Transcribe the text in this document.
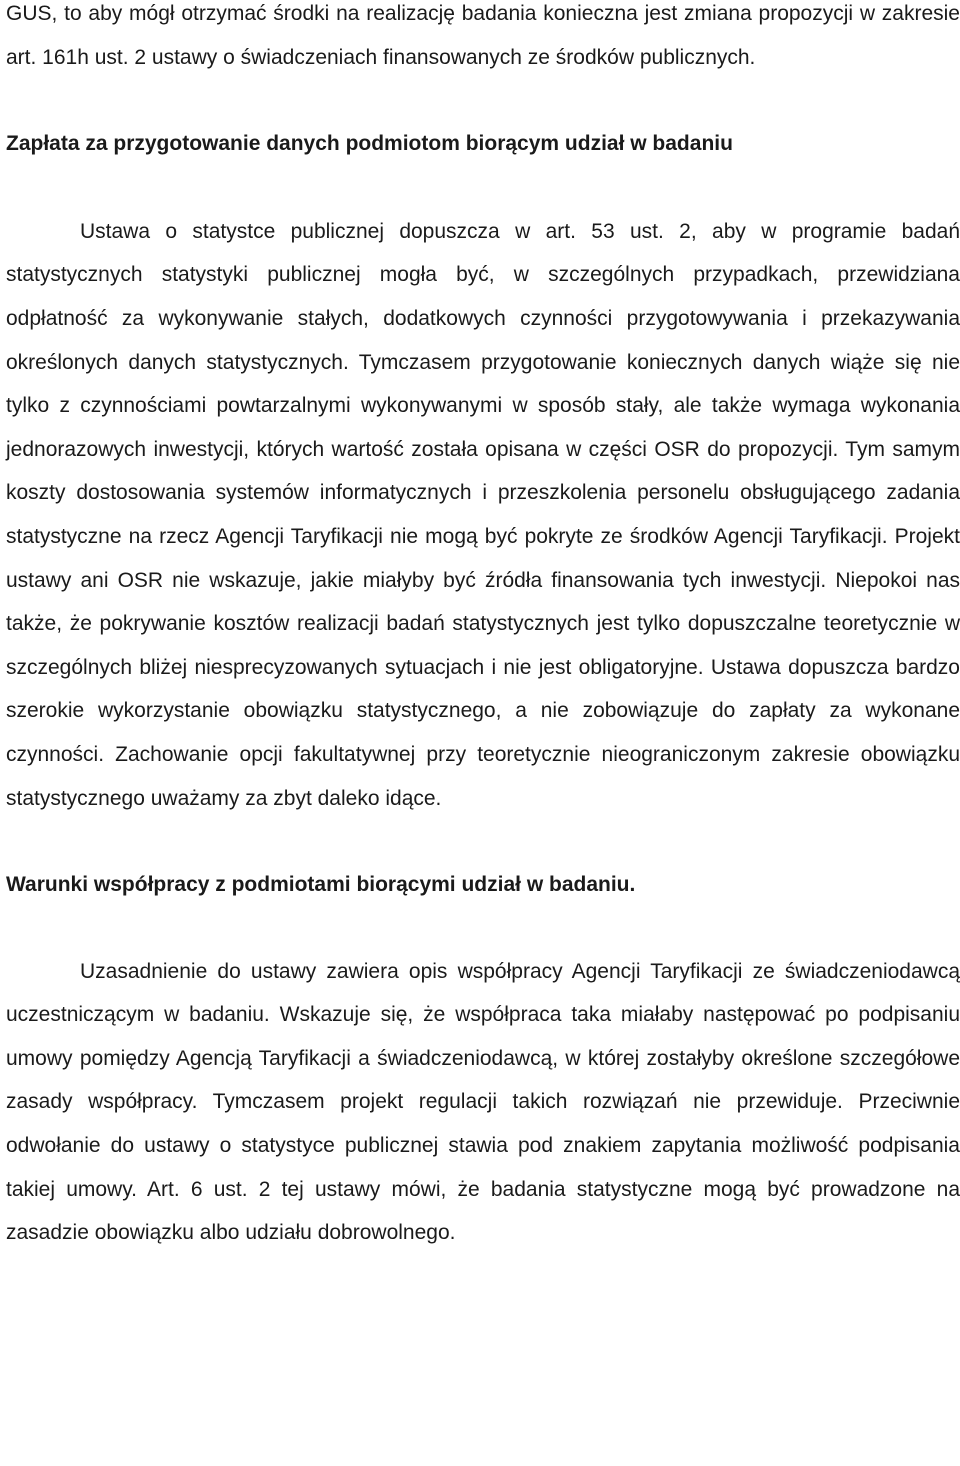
GUS, to aby mógł otrzymać środki na realizację badania konieczna jest zmiana propozycji w zakresie art. 161h ust. 2 ustawy o świadczeniach finansowanych ze środków publicznych.

Zapłata za przygotowanie danych podmiotom biorącym udział w badaniu

Ustawa o statystce publicznej dopuszcza w art. 53 ust. 2, aby w programie badań statystycznych statystyki publicznej mogła być, w szczególnych przypadkach, przewidziana odpłatność za wykonywanie stałych, dodatkowych czynności przygotowywania i przekazywania określonych danych statystycznych. Tymczasem przygotowanie koniecznych danych wiąże się nie tylko z czynnościami powtarzalnymi wykonywanymi w sposób stały, ale także wymaga wykonania jednorazowych inwestycji, których wartość została opisana w części OSR do propozycji. Tym samym koszty dostosowania systemów informatycznych i przeszkolenia personelu obsługującego zadania statystyczne na rzecz Agencji Taryfikacji nie mogą być pokryte ze środków Agencji Taryfikacji. Projekt ustawy ani OSR nie wskazuje, jakie miałyby być źródła finansowania tych inwestycji. Niepokoi nas także, że pokrywanie kosztów realizacji badań statystycznych jest tylko dopuszczalne teoretycznie w szczególnych bliżej niesprecyzowanych sytuacjach i nie jest obligatoryjne. Ustawa dopuszcza bardzo szerokie wykorzystanie obowiązku statystycznego, a nie zobowiązuje do zapłaty za wykonane czynności. Zachowanie opcji fakultatywnej przy teoretycznie nieograniczonym zakresie obowiązku statystycznego uważamy za zbyt daleko idące.

Warunki współpracy z podmiotami biorącymi udział w badaniu.

Uzasadnienie do ustawy zawiera opis współpracy Agencji Taryfikacji ze świadczeniodawcą uczestniczącym w badaniu. Wskazuje się, że współpraca taka miałaby następować po podpisaniu umowy pomiędzy Agencją Taryfikacji a świadczeniodawcą, w której zostałyby określone szczegółowe zasady współpracy. Tymczasem projekt regulacji takich rozwiązań nie przewiduje. Przeciwnie odwołanie do ustawy o statystyce publicznej stawia pod znakiem zapytania możliwość podpisania takiej umowy. Art. 6 ust. 2 tej ustawy mówi, że badania statystyczne mogą być prowadzone na zasadzie obowiązku albo udziału dobrowolnego.
